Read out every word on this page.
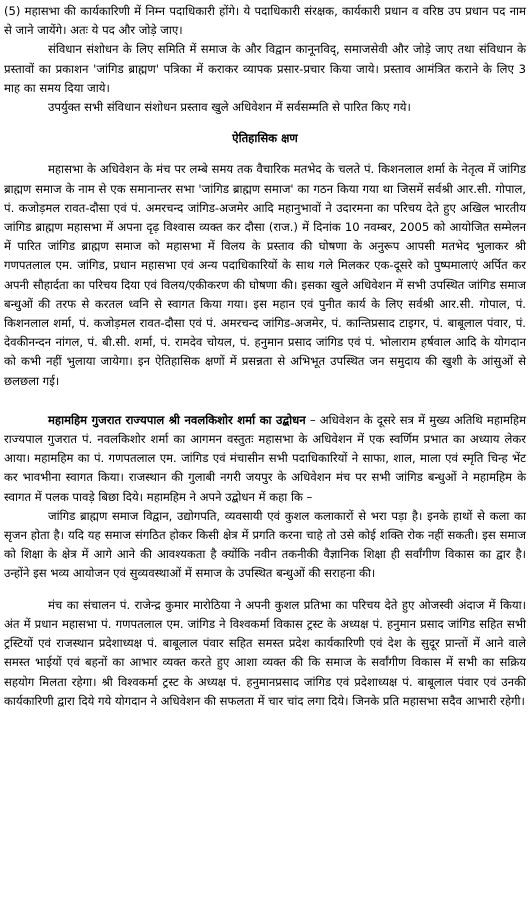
(5) महासभा की कार्यकारिणी में निम्न पदाधिकारी होंगे। ये पदाधिकारी संरक्षक, कार्यकारी प्रधान व वरिष्ठ उप प्रधान पद नाम से जाने जायेंगे। अतः ये पद और जोड़े जाए।

संविधान संशोधन के लिए समिति में समाज के और विद्वान कानूनविद्, समाजसेवी और जोड़े जाए तथा संविधान के प्रस्तावों का प्रकाशन 'जांगिड ब्राह्मण' पत्रिका में कराकर व्यापक प्रसार-प्रचार किया जाये। प्रस्ताव आमंत्रित कराने के लिए 3 माह का समय दिया जाये।

उपर्युक्त सभी संविधान संशोधन प्रस्ताव खुले अधिवेशन में सर्वसम्मति से पारित किए गये।

ऐतिहासिक क्षण

महासभा के अधिवेशन के मंच पर लम्बे समय तक वैचारिक मतभेद के चलते पं. किशनलाल शर्मा के नेतृत्व में जांगिड ब्राह्मण समाज के नाम से एक समानान्तर सभा 'जांगिड ब्राह्मण समाज' का गठन किया गया था जिसमें सर्वश्री आर.सी. गोपाल, पं. कजोड़मल रावत-दौसा एवं पं. अमरचन्द जांगिड-अजमेर आदि महानुभावों ने उदारमना का परिचय देते हुए अखिल भारतीय जांगिड ब्राह्मण महासभा में अपना दृढ़ विश्वास व्यक्त कर दौसा (राज.) में दिनांक 10 नवम्बर, 2005 को आयोजित सम्मेलन में पारित जांगिड ब्राह्मण समाज को महासभा में विलय के प्रस्ताव की घोषणा के अनुरूप आपसी मतभेद भुलाकर श्री गणपतलाल एम. जांगिड, प्रधान महासभा एवं अन्य पदाधिकारियों के साथ गले मिलकर एक-दूसरे को पुष्पमालाएं अर्पित कर अपनी सौहार्दता का परिचय दिया एवं विलय/एकीकरण की घोषणा की। इसका खुले अधिवेशन में सभी उपस्थित जांगिड समाज बन्धुओं की तरफ से करतल ध्वनि से स्वागत किया गया। इस महान एवं पुनीत कार्य के लिए सर्वश्री आर.सी. गोपाल, पं. किशनलाल शर्मा, पं. कजोड़मल रावत-दौसा एवं पं. अमरचन्द जांगिड-अजमेर, पं. कान्तिप्रसाद टाइगर, पं. बाबूलाल पंवार, पं. देवकीनन्दन नांगल, पं. बी.सी. शर्मा, पं. रामदेव चोयल, पं. हनुमान प्रसाद जांगिड एवं पं. भोलाराम हर्षवाल आदि के योगदान को कभी नहीं भुलाया जायेगा। इन ऐतिहासिक क्षणों में प्रसन्नता से अभिभूत उपस्थित जन समुदाय की खुशी के आंसुओं से छलछला गई।

महामहिम गुजरात राज्यपाल श्री नवलकिशोर शर्मा का उद्बोधन – अधिवेशन के दूसरे सत्र में मुख्य अतिथि महामहिम राज्यपाल गुजरात पं. नवलकिशोर शर्मा का आगमन वस्तुतः महासभा के अधिवेशन में एक स्वर्णिम प्रभात का अध्याय लेकर आया। महामहिम का पं. गणपतलाल एम. जांगिड एवं मंचासीन सभी पदाधिकारियों ने साफा, शाल, माला एवं स्मृति चिन्ह भेंट कर भावभीना स्वागत किया। राजस्थान की गुलाबी नगरी जयपुर के अधिवेशन मंच पर सभी जांगिड बन्धुओं ने महामहिम के स्वागत में पलक पावड़े बिछा दिये। महामहिम ने अपने उद्बोधन में कहा कि –

जांगिड ब्राह्मण समाज विद्वान, उद्योगपति, व्यवसायी एवं कुशल कलाकारों से भरा पड़ा है। इनके हाथों से कला का सृजन होता है। यदि यह समाज संगठित होकर किसी क्षेत्र में प्रगति करना चाहे तो उसे कोई शक्ति रोक नहीं सकती। इस समाज को शिक्षा के क्षेत्र में आगे आने की आवश्यकता है क्योंकि नवीन तकनीकी वैज्ञानिक शिक्षा ही सर्वांगीण विकास का द्वार है। उन्होंने इस भव्य आयोजन एवं सुव्यवस्थाओं में समाज के उपस्थित बन्धुओं की सराहना की।

मंच का संचालन पं. राजेन्द्र कुमार मारोठिया ने अपनी कुशल प्रतिभा का परिचय देते हुए ओजस्वी अंदाज में किया। अंत में प्रधान महासभा पं. गणपतलाल एम. जांगिड ने विश्वकर्मा विकास ट्रस्ट के अध्यक्ष पं. हनुमान प्रसाद जांगिड सहित सभी ट्रस्टियों एवं राजस्थान प्रदेशाध्यक्ष पं. बाबूलाल पंवार सहित समस्त प्रदेश कार्यकारिणी एवं देश के सुदूर प्रान्तों में आने वाले समस्त भाईयों एवं बहनों का आभार व्यक्त करते हुए आशा व्यक्त की कि समाज के सर्वांगीण विकास में सभी का सक्रिय सहयोग मिलता रहेगा। श्री विश्वकर्मा ट्रस्ट के अध्यक्ष पं. हनुमानप्रसाद जांगिड एवं प्रदेशाध्यक्ष पं. बाबूलाल पंवार एवं उनकी कार्यकारिणी द्वारा दिये गये योगदान ने अधिवेशन की सफलता में चार चांद लगा दिये। जिनके प्रति महासभा सदैव आभारी रहेगी।
